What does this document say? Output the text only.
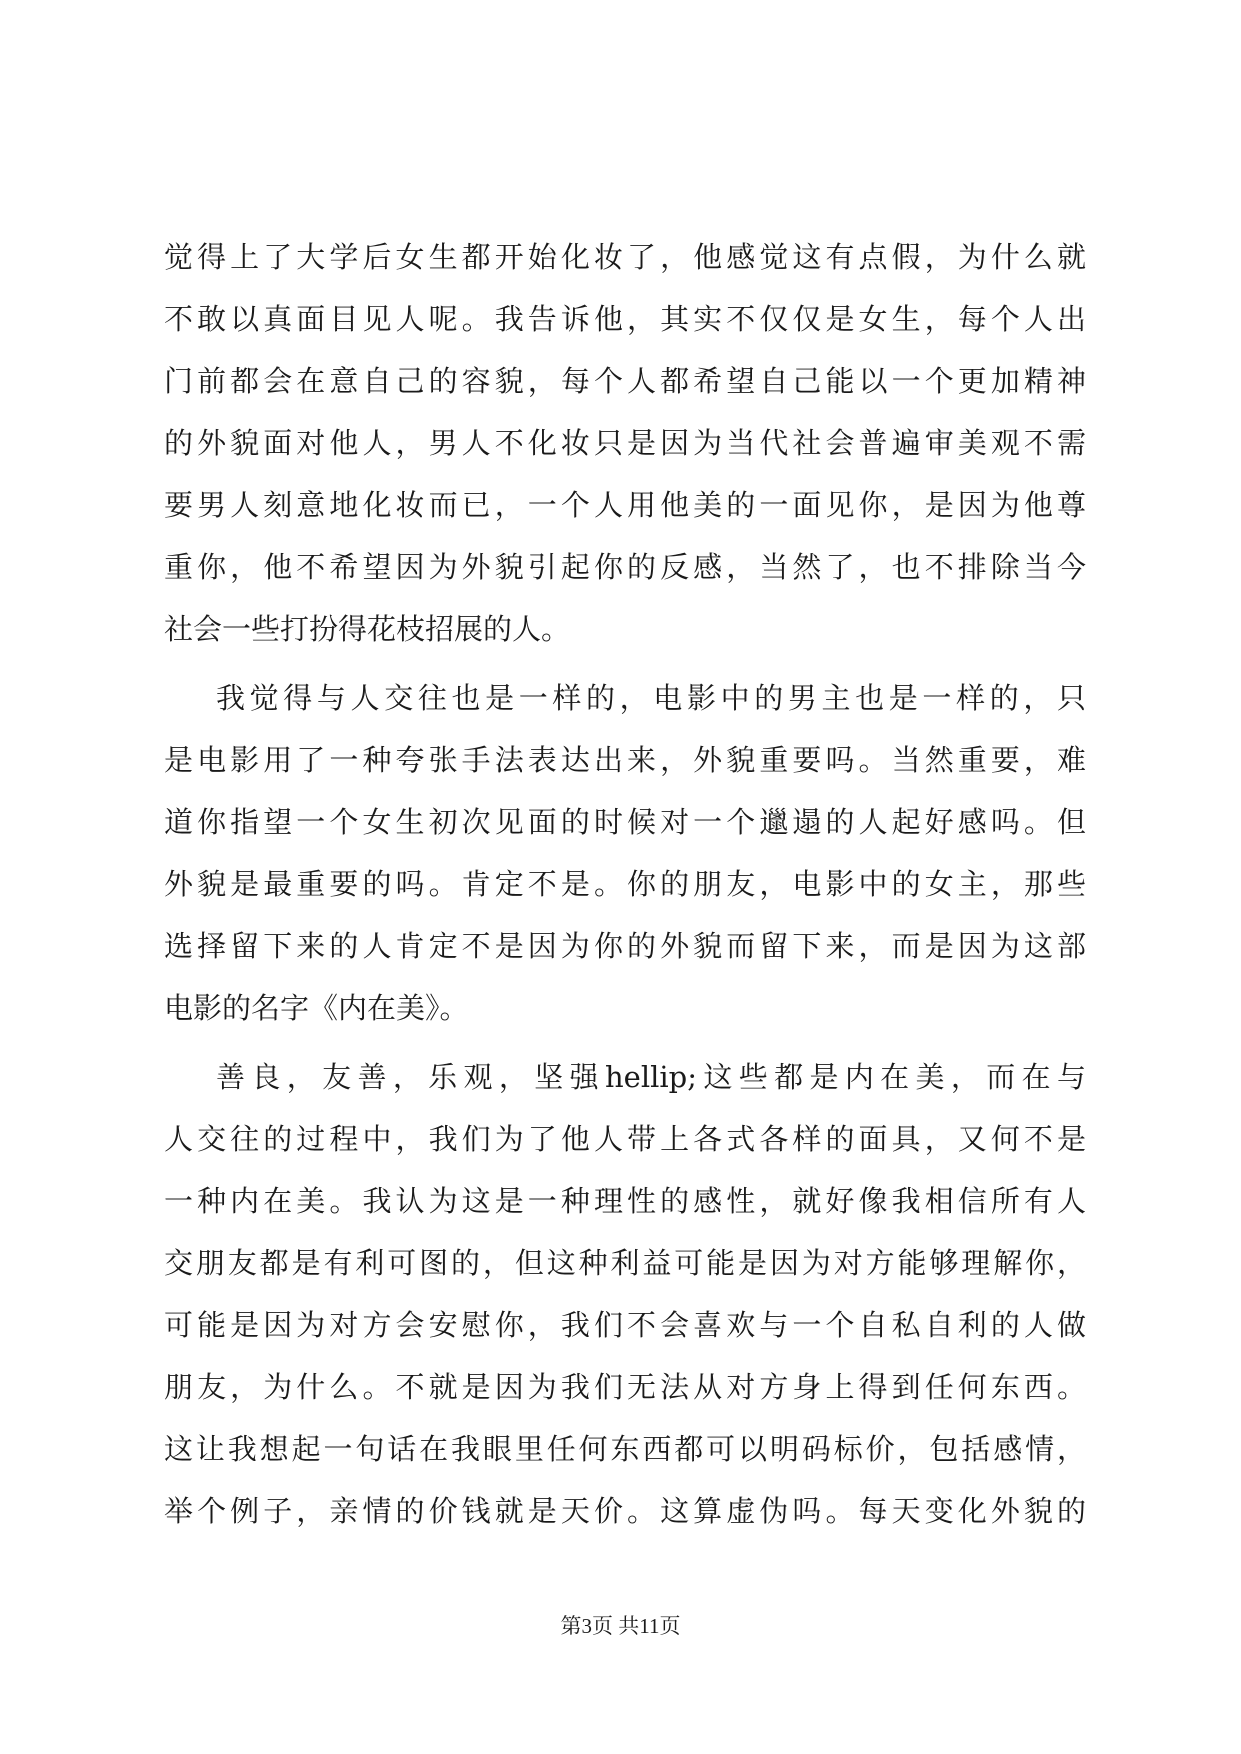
觉得上了大学后女生都开始化妆了，他感觉这有点假，为什么就
不敢以真面目见人呢。我告诉他，其实不仅仅是女生，每个人出
门前都会在意自己的容貌，每个人都希望自己能以一个更加精神
的外貌面对他人，男人不化妆只是因为当代社会普遍审美观不需
要男人刻意地化妆而已，一个人用他美的一面见你，是因为他尊
重你，他不希望因为外貌引起你的反感，当然了，也不排除当今
社会一些打扮得花枝招展的人。
我觉得与人交往也是一样的，电影中的男主也是一样的，只
是电影用了一种夸张手法表达出来，外貌重要吗。当然重要，难
道你指望一个女生初次见面的时候对一个邋遢的人起好感吗。但
外貌是最重要的吗。肯定不是。你的朋友，电影中的女主，那些
选择留下来的人肯定不是因为你的外貌而留下来，而是因为这部
电影的名字《内在美》。
善良，友善，乐观，坚强hellip;这些都是内在美，而在与
人交往的过程中，我们为了他人带上各式各样的面具，又何不是
一种内在美。我认为这是一种理性的感性，就好像我相信所有人
交朋友都是有利可图的，但这种利益可能是因为对方能够理解你，
可能是因为对方会安慰你，我们不会喜欢与一个自私自利的人做
朋友，为什么。不就是因为我们无法从对方身上得到任何东西。
这让我想起一句话在我眼里任何东西都可以明码标价，包括感情，
举个例子，亲情的价钱就是天价。这算虚伪吗。每天变化外貌的
第3页 共11页
